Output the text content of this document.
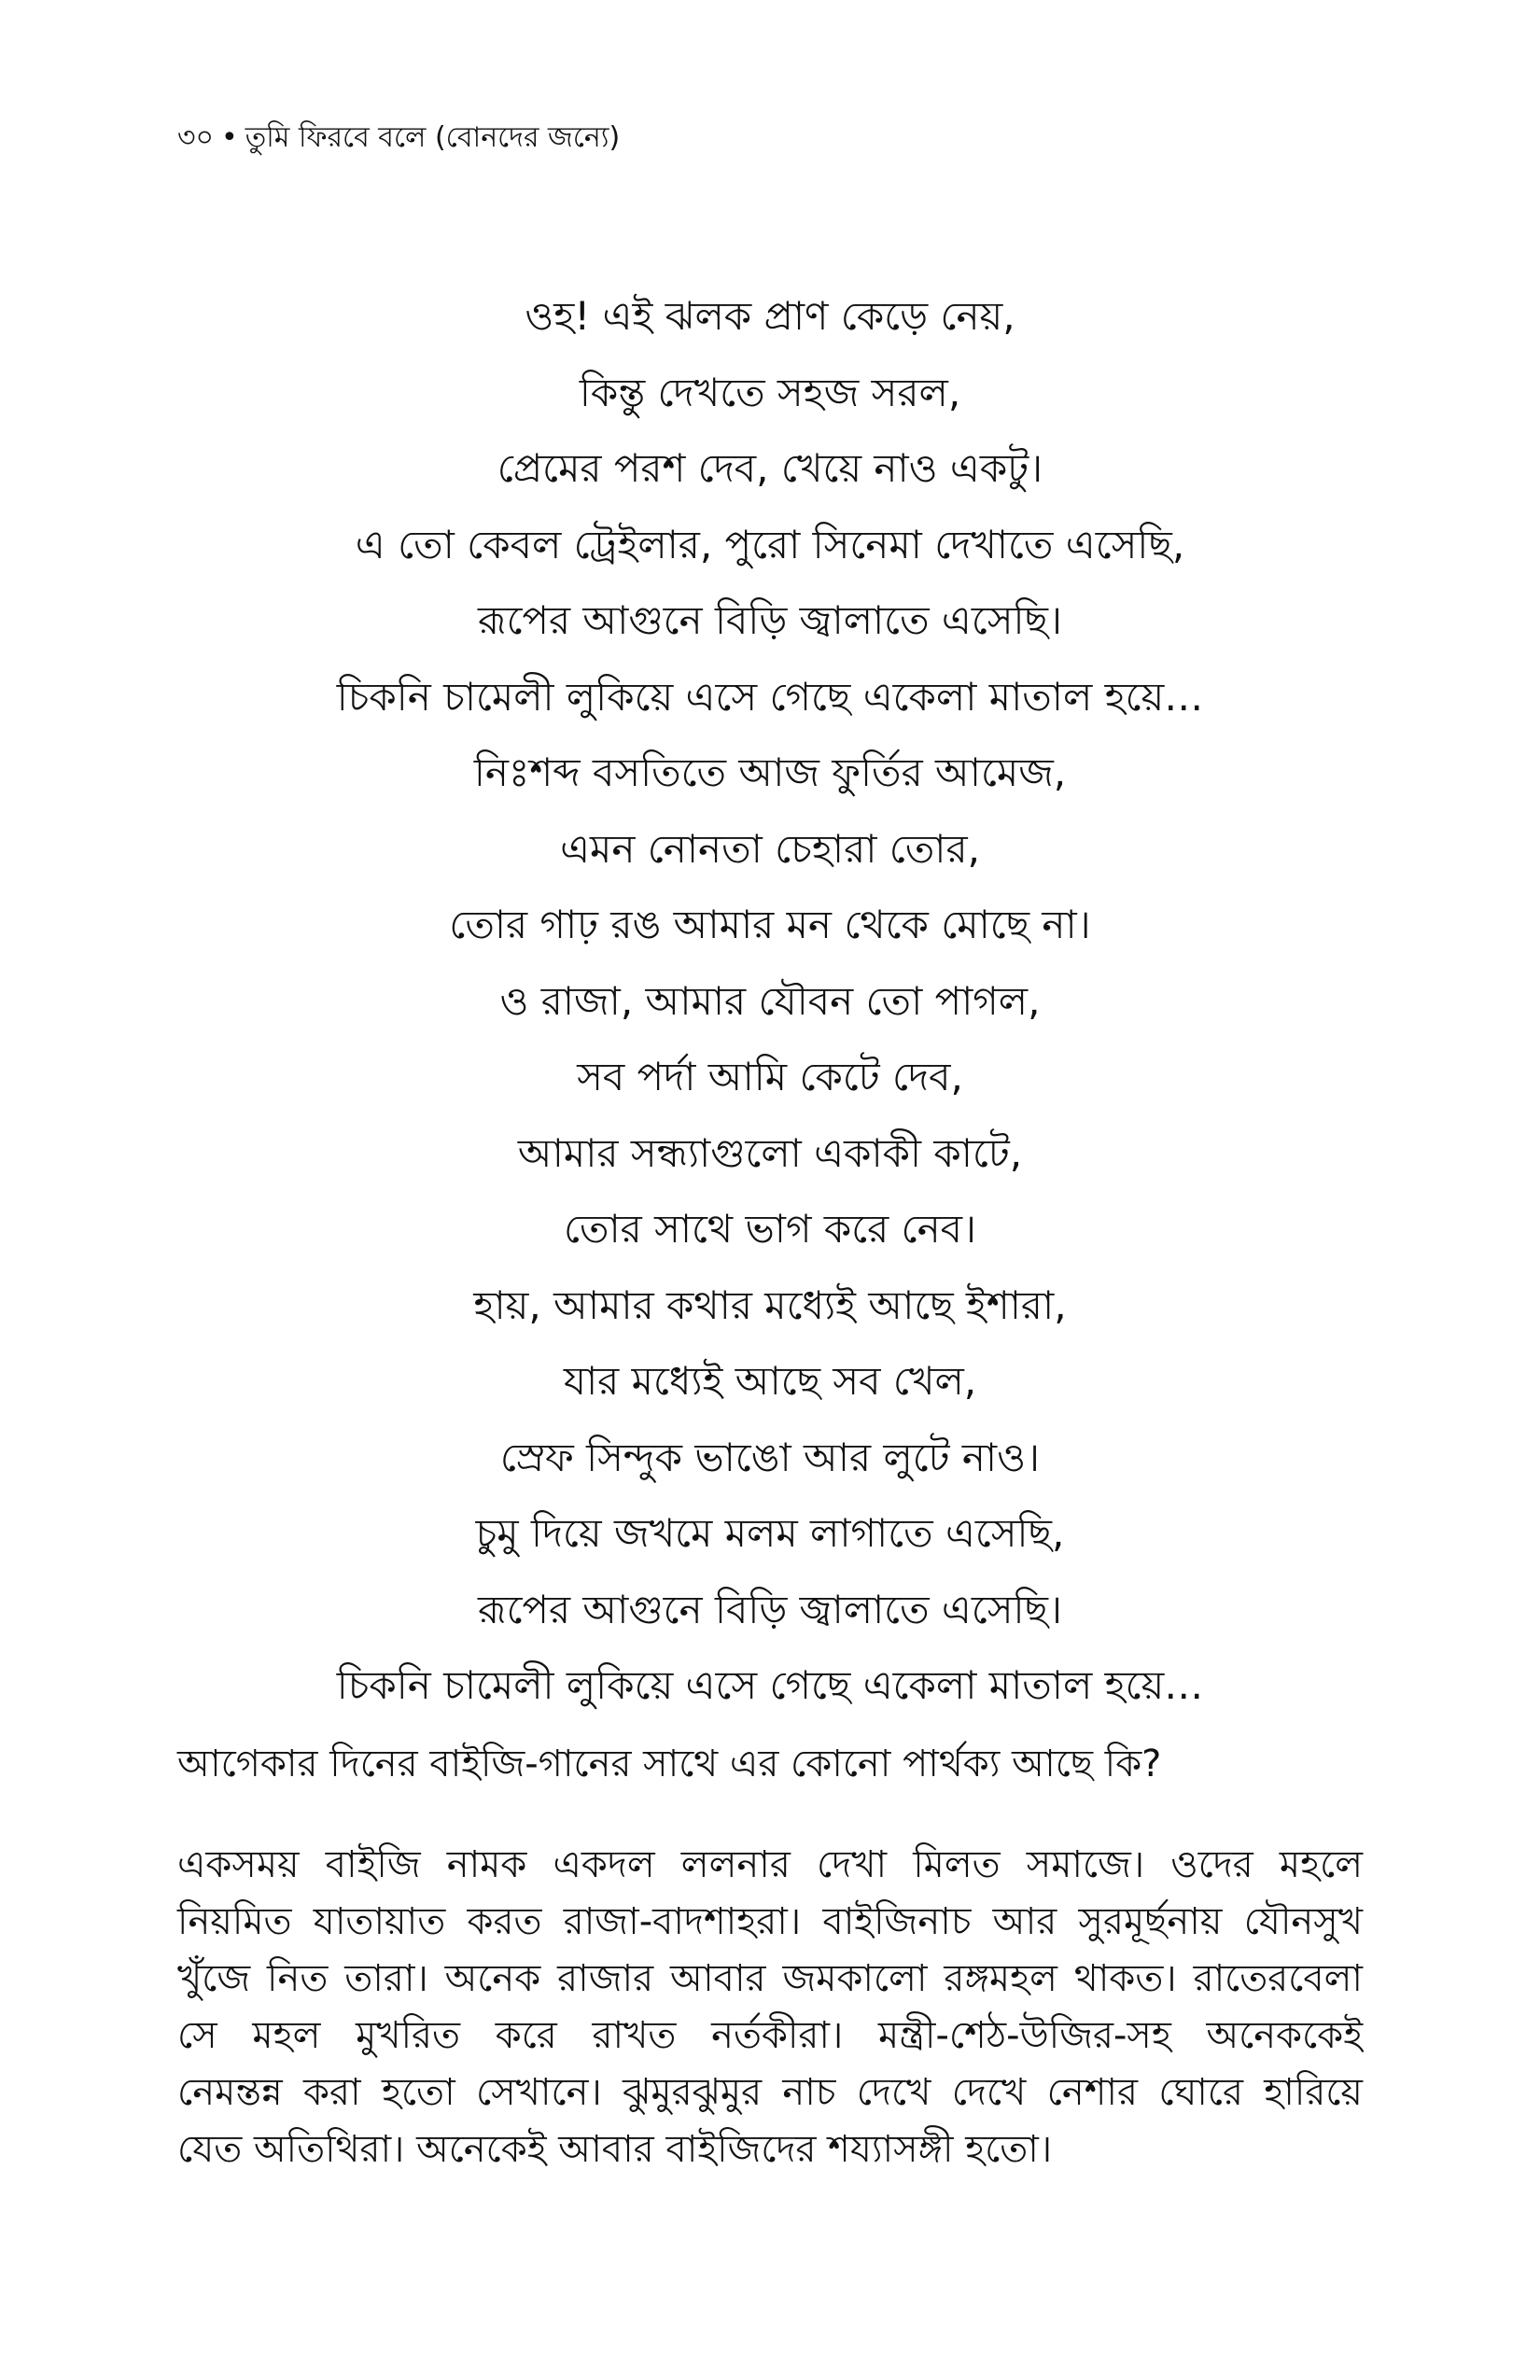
৩০ • তুমি ফিরবে বলে (বোনদের জন্যে)
ওহ! এই ঝলক প্রাণ কেড়ে নেয়,
কিন্তু দেখতে সহজ সরল,
প্রেমের পরশ দেব, খেয়ে নাও একটু।
এ তো কেবল ট্রেইলার, পুরো সিনেমা দেখাতে এসেছি,
রূপের আগুনে বিড়ি জ্বালাতে এসেছি।
চিকনি চামেলী লুকিয়ে এসে গেছে একেলা মাতাল হয়ে…
নিঃশব্দ বসতিতে আজ ফুর্তির আমেজ,
এমন নোনতা চেহারা তোর,
তোর গাঢ় রঙ আমার মন থেকে মোছে না।
ও রাজা, আমার যৌবন তো পাগল,
সব পর্দা আমি কেটে দেব,
আমার সন্ধ্যাগুলো একাকী কাটে,
তোর সাথে ভাগ করে নেব।
হায়, আমার কথার মধ্যেই আছে ইশারা,
যার মধ্যেই আছে সব খেল,
স্রেফ সিন্দুক ভাঙো আর লুটে নাও।
চুমু দিয়ে জখমে মলম লাগাতে এসেছি,
রূপের আগুনে বিড়ি জ্বালাতে এসেছি।
চিকনি চামেলী লুকিয়ে এসে গেছে একেলা মাতাল হয়ে…
আগেকার দিনের বাইজি-গানের সাথে এর কোনো পার্থক্য আছে কি?
একসময় বাইজি নামক একদল ললনার দেখা মিলত সমাজে। ওদের মহলে
নিয়মিত যাতায়াত করত রাজা-বাদশাহরা। বাইজিনাচ আর সুরমূর্ছনায় যৌনসুখ
খুঁজে নিত তারা। অনেক রাজার আবার জমকালো রঙ্গমহল থাকত। রাতেরবেলা
সে মহল মুখরিত করে রাখত নর্তকীরা। মন্ত্রী-শেঠ-উজির-সহ অনেককেই
নেমন্তন্ন করা হতো সেখানে। ঝুমুরঝুমুর নাচ দেখে দেখে নেশার ঘোরে হারিয়ে
যেত অতিথিরা। অনেকেই আবার বাইজিদের শয্যাসঙ্গী হতো।
